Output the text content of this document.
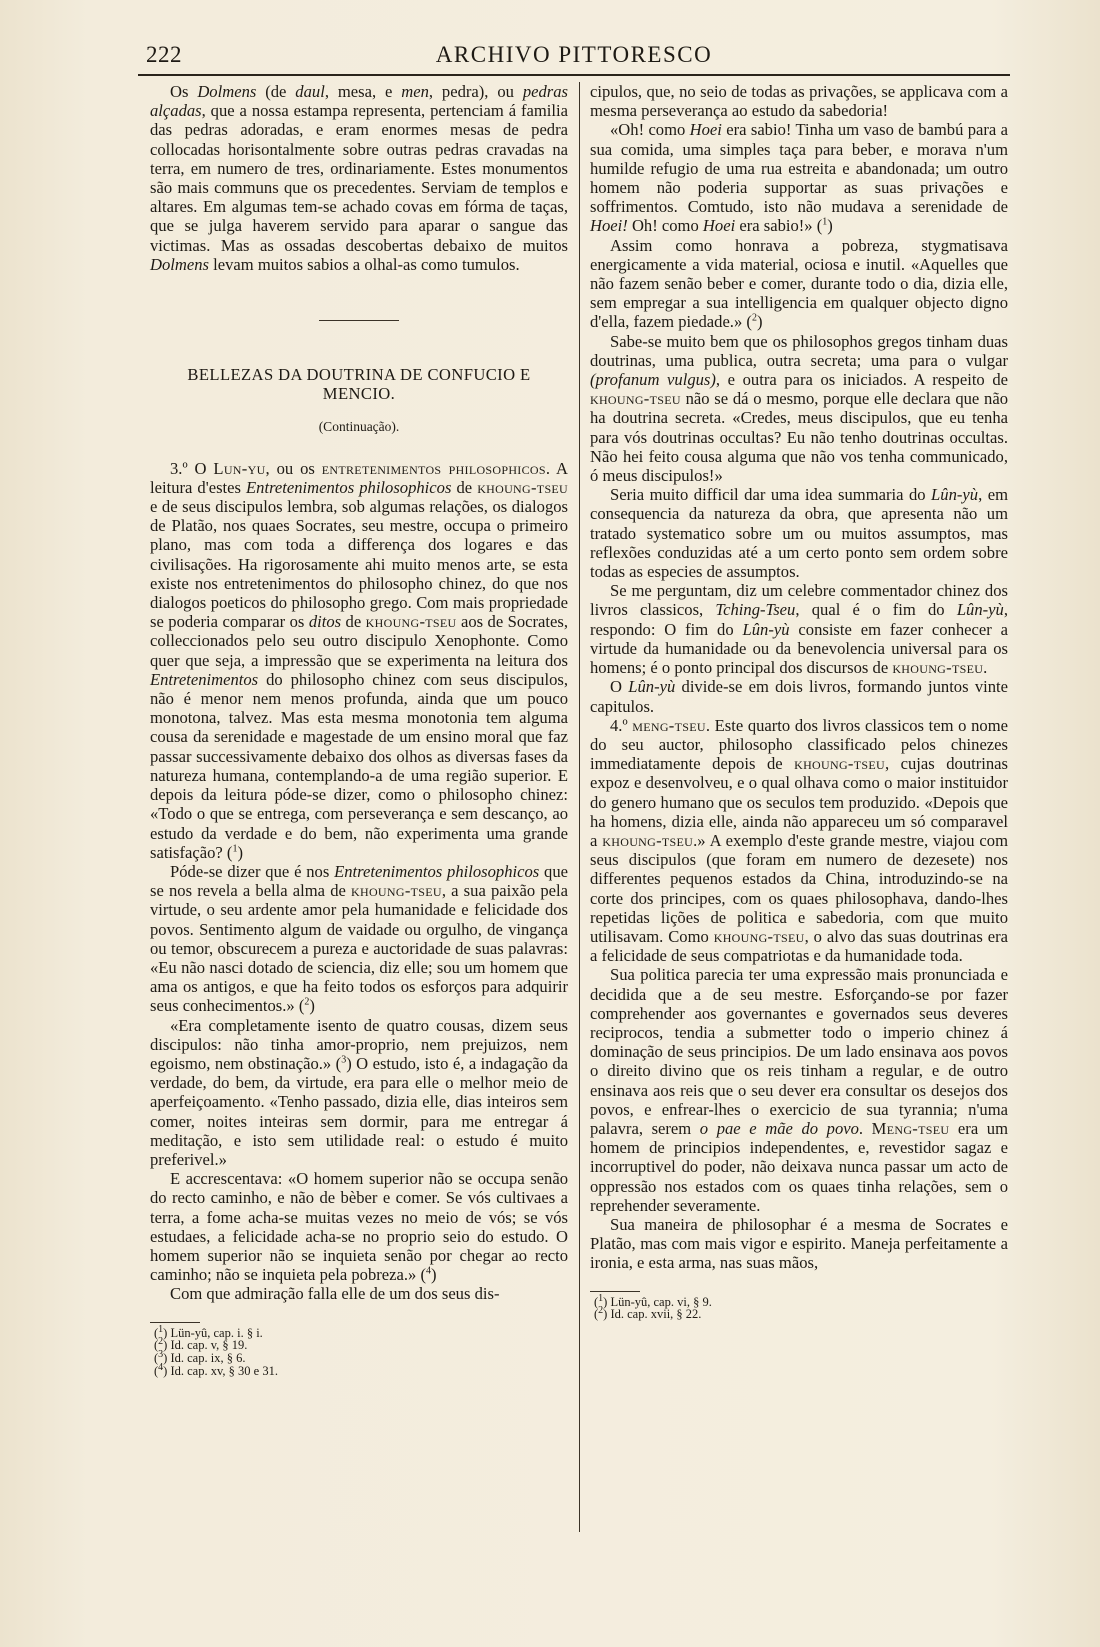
222	ARCHIVO PITTORESCO

Os Dolmens (de daul, mesa, e men, pedra), ou pedras alçadas, que a nossa estampa representa, pertenciam á familia das pedras adoradas, e eram enormes mesas de pedra collocadas horisontalmente sobre outras pedras cravadas na terra, em numero de tres, ordinariamente. Estes monumentos são mais communs que os precedentes. Serviam de templos e altares. Em algumas tem-se achado covas em fórma de taças, que se julga haverem servido para aparar o sangue das victimas. Mas as ossadas descobertas debaixo de muitos Dolmens levam muitos sabios a olhal-as como tumulos.

BELLEZAS DA DOUTRINA DE CONFUCIO E MENCIO.

(Continuação).

3.º O Lun-yu, ou os entretenimentos philosophicos. A leitura d'estes Entretenimentos philosophicos de khoung-tseu e de seus discipulos lembra, sob algumas relações, os dialogos de Platão, nos quaes Socrates, seu mestre, occupa o primeiro plano, mas com toda a differença dos logares e das civilisações. Ha rigorosamente ahi muito menos arte, se esta existe nos entretenimentos do philosopho chinez, do que nos dialogos poeticos do philosopho grego. Com mais propriedade se poderia comparar os ditos de khoung-tseu aos de Socrates, colleccionados pelo seu outro discipulo Xenophonte. Como quer que seja, a impressão que se experimenta na leitura dos Entretenimentos do philosopho chinez com seus discipulos, não é menor nem menos profunda, ainda que um pouco monotona, talvez. Mas esta mesma monotonia tem alguma cousa da serenidade e magestade de um ensino moral que faz passar successivamente debaixo dos olhos as diversas fases da natureza humana, contemplando-a de uma região superior. E depois da leitura póde-se dizer, como o philosopho chinez: «Todo o que se entrega, com perseverança e sem descanço, ao estudo da verdade e do bem, não experimenta uma grande satisfação? ($^1$)

Póde-se dizer que é nos Entretenimentos philosophicos que se nos revela a bella alma de khoung-tseu, a sua paixão pela virtude, o seu ardente amor pela humanidade e felicidade dos povos. Sentimento algum de vaidade ou orgulho, de vingança ou temor, obscurecem a pureza e auctoridade de suas palavras: «Eu não nasci dotado de sciencia, diz elle; sou um homem que ama os antigos, e que ha feito todos os esforços para adquirir seus conhecimentos.» ($^2$)

«Era completamente isento de quatro cousas, dizem seus discipulos: não tinha amor-proprio, nem prejuizos, nem egoismo, nem obstinação.» ($^3$) O estudo, isto é, a indagação da verdade, do bem, da virtude, era para elle o melhor meio de aperfeiçoamento. «Tenho passado, dizia elle, dias inteiros sem comer, noites inteiras sem dormir, para me entregar á meditação, e isto sem utilidade real: o estudo é muito preferivel.»

E accrescentava: «O homem superior não se occupa senão do recto caminho, e não de bèber e comer. Se vós cultivaes a terra, a fome acha-se muitas vezes no meio de vós; se vós estudaes, a felicidade acha-se no proprio seio do estudo. O homem superior não se inquieta senão por chegar ao recto caminho; não se inquieta pela pobreza.» ($^4$)

Com que admiração falla elle de um dos seus dis-

($^1$) Lün-yû, cap. i. § i.

($^2$) Id. cap. v, § 19.

($^3$) Id. cap. ix, § 6.

($^4$) Id. cap. xv, § 30 e 31.

cipulos, que, no seio de todas as privações, se applicava com a mesma perseverança ao estudo da sabedoria!

«Oh! como Hoei era sabio! Tinha um vaso de bambú para a sua comida, uma simples taça para beber, e morava n'um humilde refugio de uma rua estreita e abandonada; um outro homem não poderia supportar as suas privações e soffrimentos. Comtudo, isto não mudava a serenidade de Hoei! Oh! como Hoei era sabio!» ($^1$)

Assim como honrava a pobreza, stygmatisava energicamente a vida material, ociosa e inutil. «Aquelles que não fazem senão beber e comer, durante todo o dia, dizia elle, sem empregar a sua intelligencia em qualquer objecto digno d'ella, fazem piedade.» ($^2$)

Sabe-se muito bem que os philosophos gregos tinham duas doutrinas, uma publica, outra secreta; uma para o vulgar (profanum vulgus), e outra para os iniciados. A respeito de khoung-tseu não se dá o mesmo, porque elle declara que não ha doutrina secreta. «Credes, meus discipulos, que eu tenha para vós doutrinas occultas? Eu não tenho doutrinas occultas. Não hei feito cousa alguma que não vos tenha communicado, ó meus discipulos!»

Seria muito difficil dar uma idea summaria do Lûn-yù, em consequencia da natureza da obra, que apresenta não um tratado systematico sobre um ou muitos assumptos, mas reflexões conduzidas até a um certo ponto sem ordem sobre todas as especies de assumptos.

Se me perguntam, diz um celebre commentador chinez dos livros classicos, Tching-Tseu, qual é o fim do Lûn-yù, respondo: O fim do Lûn-yù consiste em fazer conhecer a virtude da humanidade ou da benevolencia universal para os homens; é o ponto principal dos discursos de khoung-tseu.

O Lûn-yù divide-se em dois livros, formando juntos vinte capitulos.

4.º meng-tseu. Este quarto dos livros classicos tem o nome do seu auctor, philosopho classificado pelos chinezes immediatamente depois de khoung-tseu, cujas doutrinas expoz e desenvolveu, e o qual olhava como o maior instituidor do genero humano que os seculos tem produzido. «Depois que ha homens, dizia elle, ainda não appareceu um só comparavel a khoung-tseu.» A exemplo d'este grande mestre, viajou com seus discipulos (que foram em numero de dezesete) nos differentes pequenos estados da China, introduzindo-se na corte dos principes, com os quaes philosophava, dando-lhes repetidas lições de politica e sabedoria, com que muito utilisavam. Como khoung-tseu, o alvo das suas doutrinas era a felicidade de seus compatriotas e da humanidade toda.

Sua politica parecia ter uma expressão mais pronunciada e decidida que a de seu mestre. Esforçando-se por fazer comprehender aos governantes e governados seus deveres reciprocos, tendia a submetter todo o imperio chinez á dominação de seus principios. De um lado ensinava aos povos o direito divino que os reis tinham a regular, e de outro ensinava aos reis que o seu dever era consultar os desejos dos povos, e enfrear-lhes o exercicio de sua tyrannia; n'uma palavra, serem o pae e mãe do povo. Meng-tseu era um homem de principios independentes, e, revestidor sagaz e incorruptivel do poder, não deixava nunca passar um acto de oppressão nos estados com os quaes tinha relações, sem o reprehender severamente.

Sua maneira de philosophar é a mesma de Socrates e Platão, mas com mais vigor e espirito. Maneja perfeitamente a ironia, e esta arma, nas suas mãos,

($^1$) Lün-yû, cap. vi, § 9.

($^2$) Id. cap. xvii, § 22.
